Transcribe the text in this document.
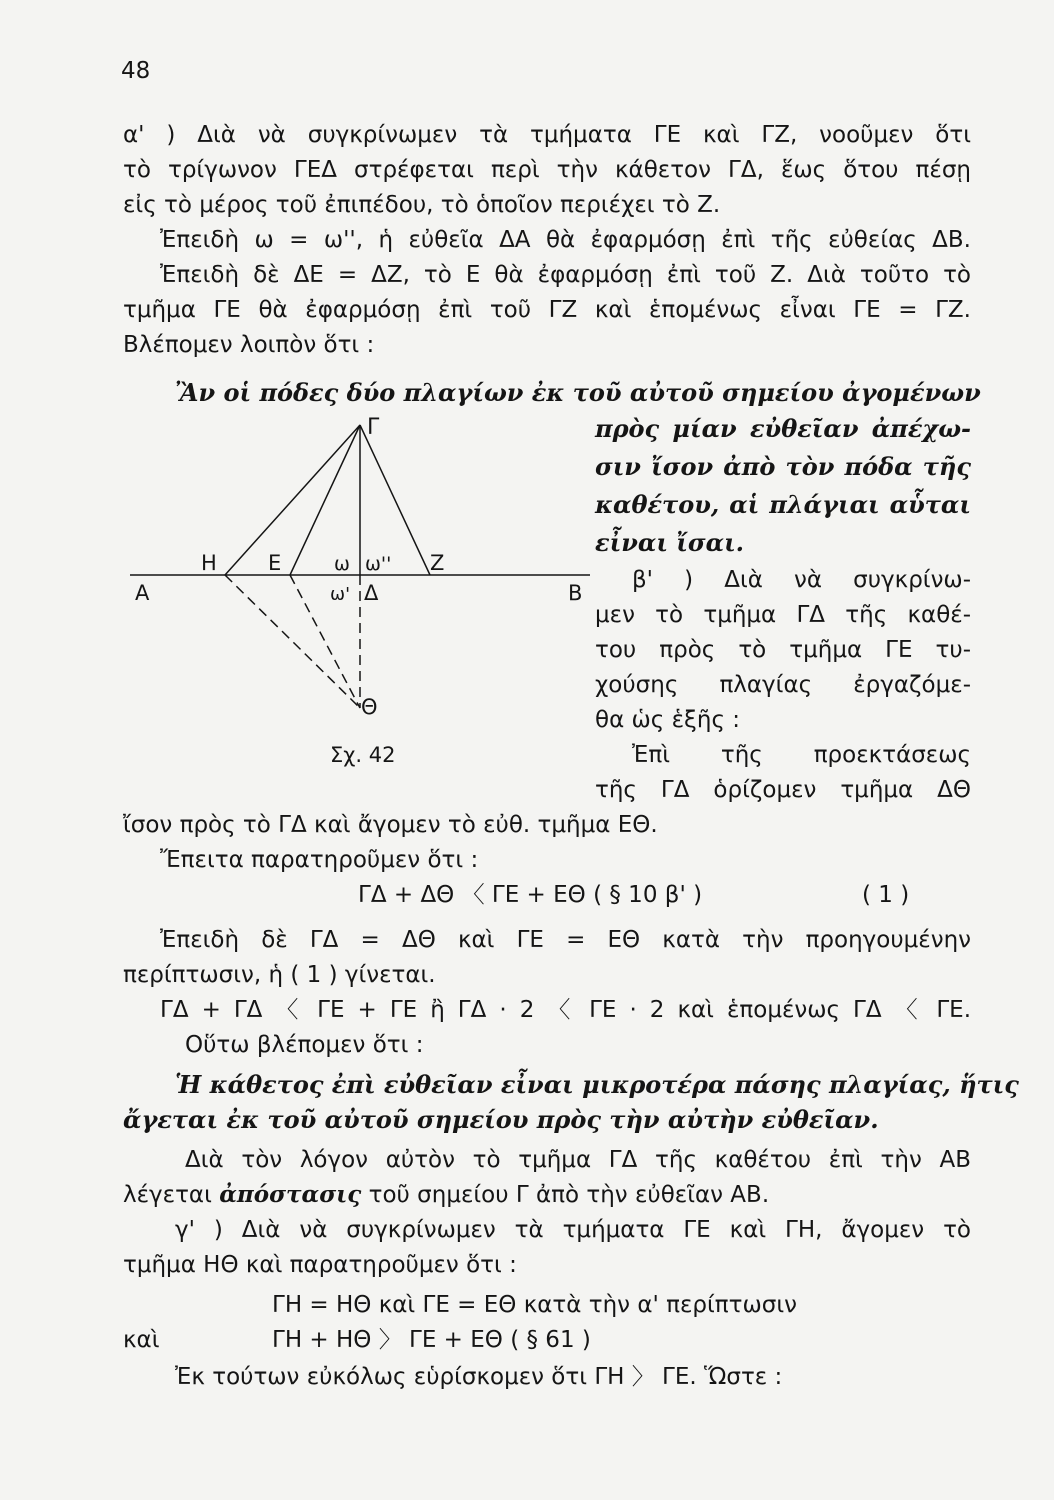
48
α' ) Διὰ νὰ συγκρίνωμεν τὰ τμήματα ΓΕ καὶ ΓΖ, νοοῦμεν ὅτι
τὸ τρίγωνον ΓΕΔ στρέφεται περὶ τὴν κάθετον ΓΔ, ἕως ὅτου πέσῃ
εἰς τὸ μέρος τοῦ ἐπιπέδου, τὸ ὁποῖον περιέχει τὸ Ζ.
Ἐπειδὴ ω = ω'', ἡ εὐθεῖα ΔΑ θὰ ἐφαρμόσῃ ἐπὶ τῆς εὐθείας ΔΒ.
Ἐπειδὴ δὲ ΔΕ = ΔΖ, τὸ Ε θὰ ἐφαρμόσῃ ἐπὶ τοῦ Ζ. Διὰ τοῦτο τὸ
τμῆμα ΓΕ θὰ ἐφαρμόσῃ ἐπὶ τοῦ ΓΖ καὶ ἑπομένως εἶναι ΓΕ = ΓΖ.
Βλέπομεν λοιπὸν ὅτι :
Ἂν οἱ πόδες δύο πλαγίων ἐκ τοῦ αὐτοῦ σημείου ἀγομένων
πρὸς μίαν εὐθεῖαν ἀπέχω-
σιν ἴσον ἀπὸ τὸν πόδα τῆς
καθέτου, αἱ πλάγιαι αὗται
εἶναι ἴσαι.
β' ) Διὰ νὰ συγκρίνω-
μεν τὸ τμῆμα ΓΔ τῆς καθέ-
του πρὸς τὸ τμῆμα ΓΕ τυ-
χούσης πλαγίας ἐργαζόμε-
θα ὡς ἑξῆς :
Ἐπὶ τῆς προεκτάσεως
τῆς ΓΔ ὁρίζομεν τμῆμα ΔΘ
Γ
Η Ε	ω ω'' Ζ
Α	ω' Δ	Β
Θ
Σχ. 42
ἴσον πρὸς τὸ ΓΔ καὶ ἄγομεν τὸ εὐθ. τμῆμα ΕΘ.
Ἔπειτα παρατηροῦμεν ὅτι :
ΓΔ + ΔΘ 〈 ΓΕ + ΕΘ ( § 10 β' )	( 1 )
Ἐπειδὴ δὲ ΓΔ = ΔΘ καὶ ΓΕ = ΕΘ κατὰ τὴν προηγουμένην
περίπτωσιν, ἡ ( 1 ) γίνεται.
ΓΔ + ΓΔ 〈 ΓΕ + ΓΕ ἢ ΓΔ · 2 〈 ΓΕ · 2 καὶ ἑπομένως ΓΔ 〈 ΓΕ.
Οὕτω βλέπομεν ὅτι :
Ἡ κάθετος ἐπὶ εὐθεῖαν εἶναι μικροτέρα πάσης πλαγίας, ἥτις
ἄγεται ἐκ τοῦ αὐτοῦ σημείου πρὸς τὴν αὐτὴν εὐθεῖαν.
Διὰ τὸν λόγον αὐτὸν τὸ τμῆμα ΓΔ τῆς καθέτου ἐπὶ τὴν ΑΒ
λέγεται ἀπόστασις τοῦ σημείου Γ ἀπὸ τὴν εὐθεῖαν ΑΒ.
γ' ) Διὰ νὰ συγκρίνωμεν τὰ τμήματα ΓΕ καὶ ΓΗ, ἄγομεν τὸ
τμῆμα ΗΘ καὶ παρατηροῦμεν ὅτι :
ΓΗ = ΗΘ καὶ ΓΕ = ΕΘ κατὰ τὴν α' περίπτωσιν
καὶ	ΓΗ + ΗΘ 〉 ΓΕ + ΕΘ ( § 61 )
Ἐκ τούτων εὐκόλως εὑρίσκομεν ὅτι ΓΗ 〉 ΓΕ. Ὥστε :
